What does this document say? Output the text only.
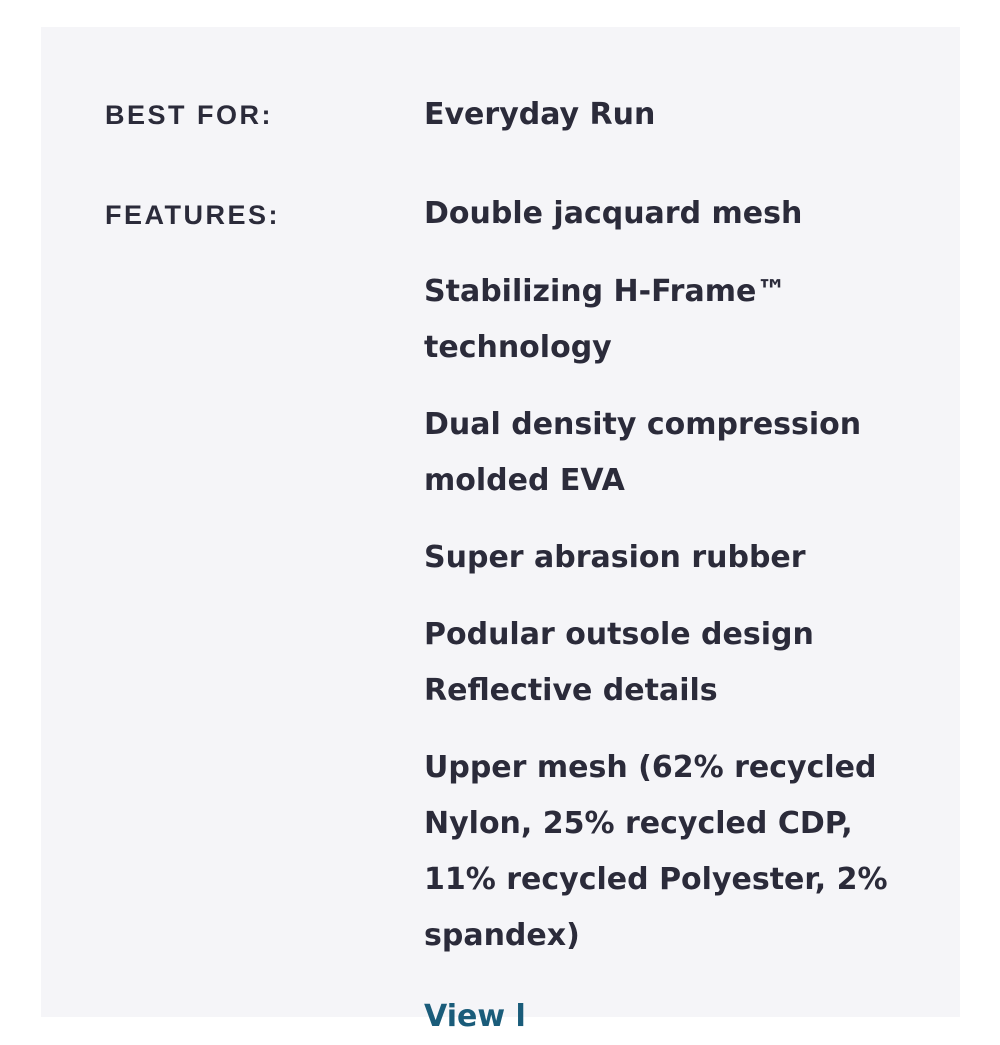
BEST FOR:	Everyday Run
FEATURES:	Double jacquard mesh
Stabilizing H-Frame™
technology
Dual density compression
molded EVA
Super abrasion rubber
Podular outsole design
Reflective details
Upper mesh (62% recycled
Nylon, 25% recycled CDP,
11% recycled Polyester, 2%
spandex)
View l
